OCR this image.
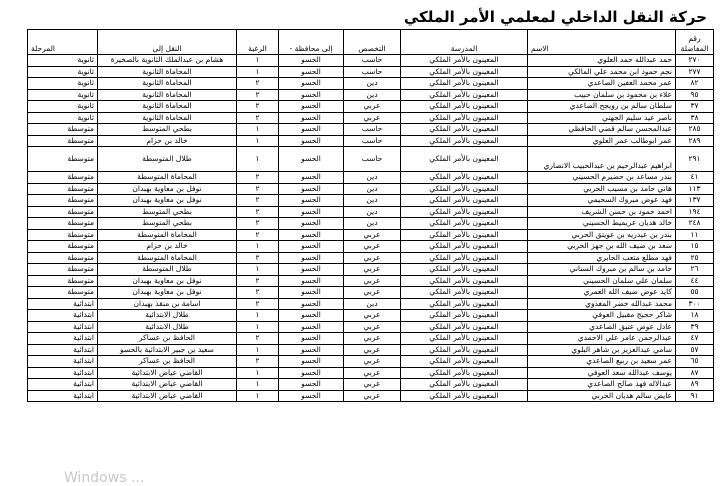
حركة النقل الداخلي لمعلمي الأمر الملكي
رقم
المفاضلة	الاسم	المدرسة	التخصص	إلى محافظة -	الرغبة	النقل إلى	المرحلة
٢٧٠	حمد عبدالله حمد العلوي	المعينون بالأمر الملكي	حاسب	الحسو	١	هشام بن عبدالملك الثانوية بالصخيرة	ثانوية
٢٧٧	نجم حمود ابن محمد علي المالكي	المعينون بالأمر الملكي	حاسب	الحسو	١	المحاماة الثانوية	ثانوية
٨٢	عمر محمد العفين الصاعدي	المعينون بالأمر الملكي	دين	الحسو	٢	المحاماة الثانوية	ثانوية
٩٥	علاء بن محمود بن سلمان حبيب	المعينون بالأمر الملكي	دين	الحسو	٢	المحاماة الثانوية	ثانوية
٣٧	سلطان سالم بن رويجح الصاعدي	المعينون بالأمر الملكي	عربي	الحسو	٢	المحاماة الثانوية	ثانوية
٣٨	ناصر عيد سليم الجهني	المعينون بالأمر الملكي	عربي	الحسو	٢	المحاماة الثانوية	ثانوية
٢٨٥	عبدالمحسن سالم قضي الحافظي	المعينون بالأمر الملكي	حاسب	الحسو	١	بطحي المتوسط	متوسطة
٢٨٩	عمر ابوطالب عمر العلوي	المعينون بالأمر الملكي	حاسب	الحسو	١	خالد بن حزام	متوسطة
٢٩١	ابراهيم عبدالرحيم بن عبدالحبيب الانصاري	المعينون بالأمر الملكي	حاسب	الحسو	١	طلال المتوسطة	متوسطة
٤١	بندر مساعد بن حضيرم الحسيني	المعينون بالأمر الملكي	دين	الحسو	٢	المحاماة المتوسطة	متوسطة
١١٣	هاني حامد بن مسيب الحربي	المعينون بالأمر الملكي	دين	الحسو	٢	نوفل بن معاوية بهبدان	متوسطة
١٣٧	فهد عوض مبروك السحيمي	المعينون بالأمر الملكي	دين	الحسو	٢	نوفل بن معاوية بهبدان	متوسطة
١٩٤	احمد حمود بن حسن الشريف	المعينون بالأمر الملكي	دين	الحسو	٢	بطحي المتوسط	متوسطة
٢٤٨	خالد هديان عريميط الحسيني	المعينون بالأمر الملكي	دين	الحسو	٢	بطحي المتوسط	متوسطة
١١	بندر بن عيدريه بن عويتق الحربي	المعينون بالأمر الملكي	عربي	الحسو	٢	المحاماة المتوسطة	متوسطة
١٥	سعد بن ضيف الله بن جهز الحربي	المعينون بالأمر الملكي	عربي	الحسو	١	خالد بن حزام	متوسطة
٢٥	فهد مطلع متعب الجابري	المعينون بالأمر الملكي	عربي	الحسو	٢	المحاماة المتوسطة	متوسطة
٢٦	حامد بن سالم بن مبروك السناني	المعينون بالأمر الملكي	عربي	الحسو	١	طلال المتوسطة	متوسطة
٤٤	سلمان علي سلمان الحسيني	المعينون بالأمر الملكي	عربي	الحسو	٢	نوفل بن معاوية بهبدان	متوسطة
٥٥	كايد عوض ضيف الله العمري	المعينون بالأمر الملكي	عربي	الحسو	٢	نوفل بن معاوية بهبدان	متوسطة
٣٠٠	محمد عبدالله خضر المغذوي	المعينون بالأمر الملكي	دين	الحسو	٢	اسامة بن منقذ بهبدان	ابتدائية
١٨	شاكر حجيج مقبيل العوفي	المعينون بالأمر الملكي	عربي	الحسو	١	طلال الابتدائية	ابتدائية
٣٩	عادل عوض عتيق الصاعدي	المعينون بالأمر الملكي	عربي	الحسو	١	طلال الابتدائية	ابتدائية
٤٧	عبدالرحمن عامر علي الاحمدي	المعينون بالأمر الملكي	عربي	الحسو	٢	الحافظ بن عساكر	ابتدائية
٥٧	سامي عبدالعزيز بن شاهر البلوي	المعينون بالأمر الملكي	عربي	الحسو	١	سعيد بن جبير الابتدائية بالحسو	ابتدائية
٦٥	عمر سعيد بن ربيع الصاعدي	المعينون بالأمر الملكي	عربي	الحسو	٢	الحافظ بن عساكر	ابتدائية
٨٧	يوسف عبدالله سعد العوفي	المعينون بالأمر الملكي	عربي	الحسو	١	القاضي عياض الابتدائية	ابتدائية
٨٩	عبدالاله فهد صالح الصاعدي	المعينون بالأمر الملكي	عربي	الحسو	١	القاضي عياض الابتدائية	ابتدائية
٩١	عايض سالم هديان الحربي	المعينون بالأمر الملكي	عربي	الحسو	١	القاضي عياض الابتدائية	ابتدائية
Windows ...
